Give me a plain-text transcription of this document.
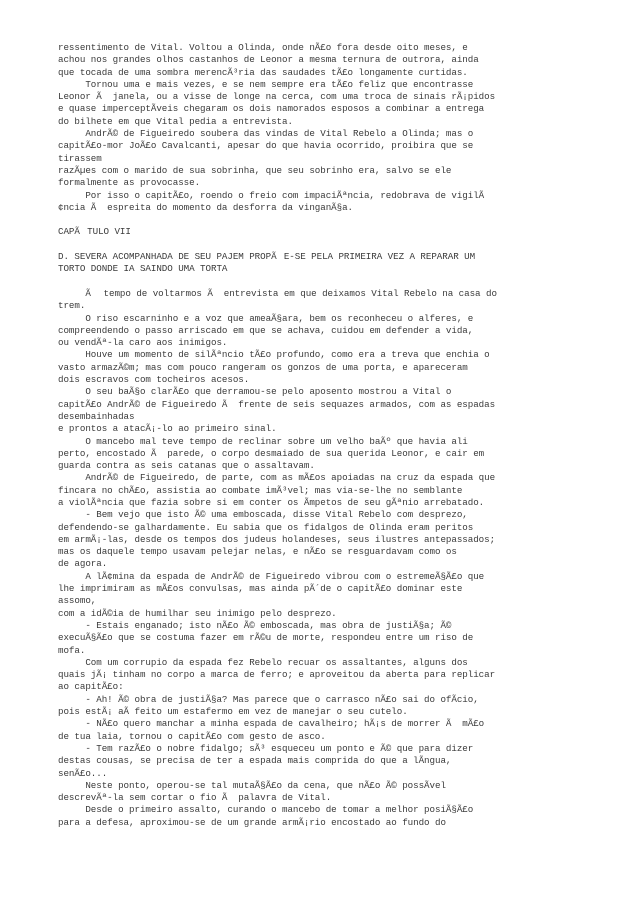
ressentimento de Vital. Voltou a Olinda, onde nÃ£o fora desde oito meses, e
achou nos grandes olhos castanhos de Leonor a mesma ternura de outrora, ainda
que tocada de uma sombra merencÃ³ria das saudades tÃ£o longamente curtidas.
Tornou uma e mais vezes, e se nem sempre era tÃ£o feliz que encontrasse
Leonor Ã  janela, ou a visse de longe na cerca, com uma troca de sinais rÃ¡pidos
e quase imperceptÃveis chegaram os dois namorados esposos a combinar a entrega
do bilhete em que Vital pedia a entrevista.
AndrÃ© de Figueiredo soubera das vindas de Vital Rebelo a Olinda; mas o
capitÃ£o-mor JoÃ£o Cavalcanti, apesar do que havia ocorrido, proibira que se
tirassem
razÃµes com o marido de sua sobrinha, que seu sobrinho era, salvo se ele
formalmente as provocasse.
Por isso o capitÃ£o, roendo o freio com impaciÃªncia, redobrava de vigilÃ
¢ncia Ã  espreita do momento da desforra da vinganÃ§a.
CAPÃTULO VII
D. SEVERA ACOMPANHADA DE SEU PAJEM PROPÃE-SE PELA PRIMEIRA VEZ A REPARAR UM
TORTO DONDE IA SAINDO UMA TORTA
Ã tempo de voltarmos Ã  entrevista em que deixamos Vital Rebelo na casa do
trem.
O riso escarninho e a voz que ameaÃ§ara, bem os reconheceu o alferes, e
compreendendo o passo arriscado em que se achava, cuidou em defender a vida,
ou vendÃª-la caro aos inimigos.
Houve um momento de silÃªncio tÃ£o profundo, como era a treva que enchia o
vasto armazÃ©m; mas com pouco rangeram os gonzos de uma porta, e apareceram
dois escravos com tocheiros acesos.
O seu baÃ§o clarÃ£o que derramou-se pelo aposento mostrou a Vital o
capitÃ£o AndrÃ© de Figueiredo Ã  frente de seis sequazes armados, com as espadas
desembainhadas
e prontos a atacÃ¡-lo ao primeiro sinal.
O mancebo mal teve tempo de reclinar sobre um velho baÃº que havia ali
perto, encostado Ã  parede, o corpo desmaiado de sua querida Leonor, e cair em
guarda contra as seis catanas que o assaltavam.
AndrÃ© de Figueiredo, de parte, com as mÃ£os apoiadas na cruz da espada que
fincara no chÃ£o, assistia ao combate imÃ³vel; mas via-se-lhe no semblante
a violÃªncia que fazia sobre si em conter os Ãmpetos de seu gÃªnio arrebatado.
- Bem vejo que isto Ã© uma emboscada, disse Vital Rebelo com desprezo,
defendendo-se galhardamente. Eu sabia que os fidalgos de Olinda eram peritos
em armÃ¡-las, desde os tempos dos judeus holandeses, seus ilustres antepassados;
mas os daquele tempo usavam pelejar nelas, e nÃ£o se resguardavam como os
de agora.
A lÃ¢mina da espada de AndrÃ© de Figueiredo vibrou com o estremeÃ§Ã£o que
lhe imprimiram as mÃ£os convulsas, mas ainda pÃ´de o capitÃ£o dominar este
assomo,
com a idÃ©ia de humilhar seu inimigo pelo desprezo.
- Estais enganado; isto nÃ£o Ã© emboscada, mas obra de justiÃ§a; Ã©
execuÃ§Ã£o que se costuma fazer em rÃ©u de morte, respondeu entre um riso de
mofa.
Com um corrupio da espada fez Rebelo recuar os assaltantes, alguns dos
quais jÃ¡ tinham no corpo a marca de ferro; e aproveitou da aberta para replicar
ao capitÃ£o:
- Ah! Ã© obra de justiÃ§a? Mas parece que o carrasco nÃ£o sai do ofÃcio,
pois estÃ¡ aÃ feito um estafermo em vez de manejar o seu cutelo.
- NÃ£o quero manchar a minha espada de cavalheiro; hÃ¡s de morrer Ã  mÃ£o
de tua laia, tornou o capitÃ£o com gesto de asco.
- Tem razÃ£o o nobre fidalgo; sÃ³ esqueceu um ponto e Ã© que para dizer
destas cousas, se precisa de ter a espada mais comprida do que a lÃngua,
senÃ£o...
Neste ponto, operou-se tal mutaÃ§Ã£o da cena, que nÃ£o Ã© possÃvel
descrevÃª-la sem cortar o fio Ã  palavra de Vital.
Desde o primeiro assalto, curando o mancebo de tomar a melhor posiÃ§Ã£o
para a defesa, aproximou-se de um grande armÃ¡rio encostado ao fundo do
